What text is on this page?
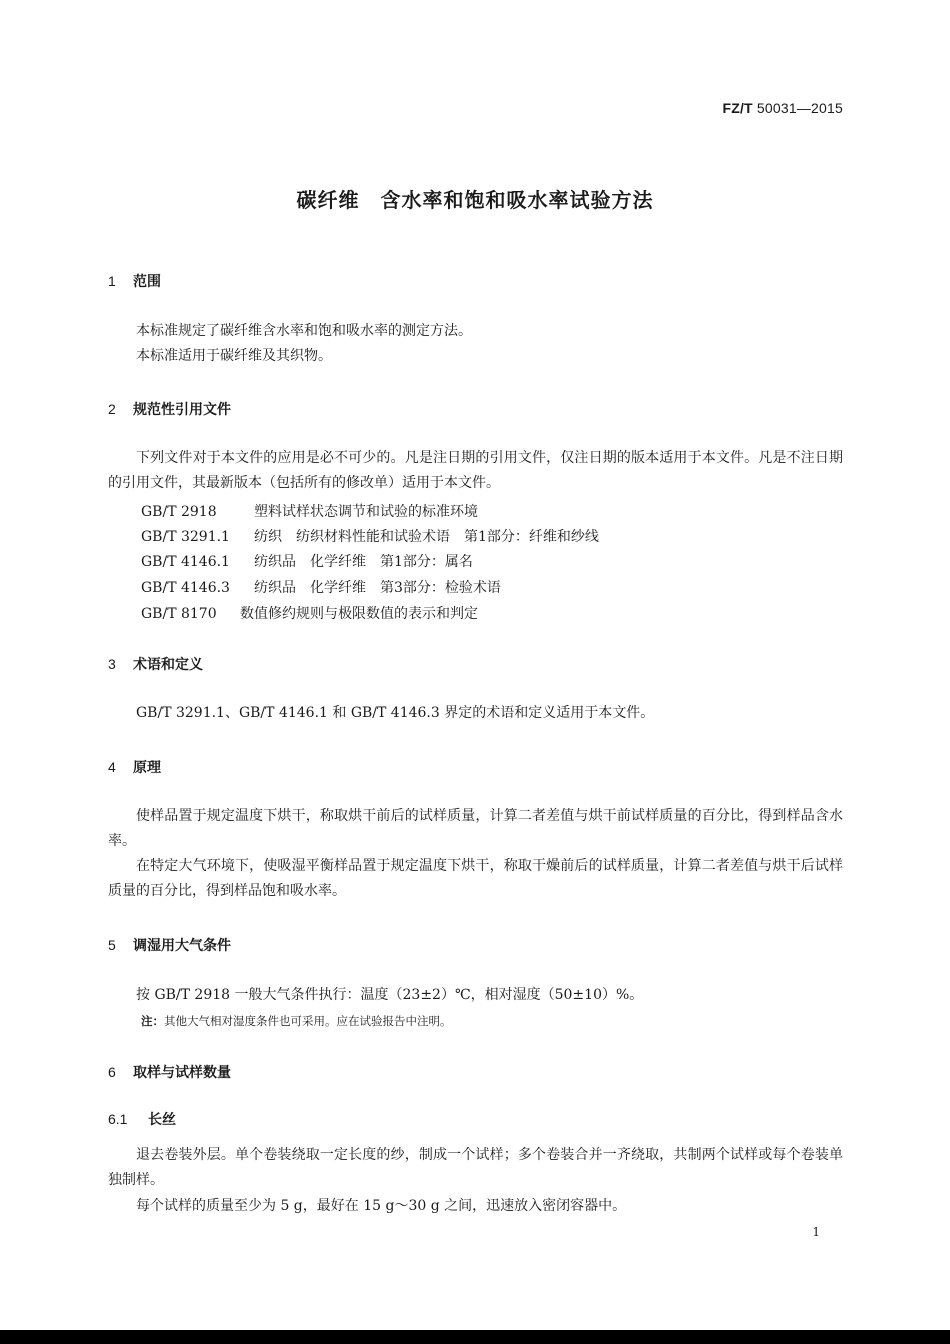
FZ/T 50031—2015
碳纤维　含水率和饱和吸水率试验方法
1 范围
本标准规定了碳纤维含水率和饱和吸水率的测定方法。
本标准适用于碳纤维及其织物。
2 规范性引用文件
下列文件对于本文件的应用是必不可少的。凡是注日期的引用文件，仅注日期的版本适用于本文件。凡是不注日期的引用文件，其最新版本（包括所有的修改单）适用于本文件。
GB/T 2918	塑料试样状态调节和试验的标准环境
GB/T 3291.1 纺织　纺织材料性能和试验术语　第1部分：纤维和纱线
GB/T 4146.1 纺织品　化学纤维　第1部分：属名
GB/T 4146.3 纺织品　化学纤维　第3部分：检验术语
GB/T 8170 数值修约规则与极限数值的表示和判定
3 术语和定义
GB/T 3291.1、GB/T 4146.1 和 GB/T 4146.3 界定的术语和定义适用于本文件。
4 原理
使样品置于规定温度下烘干，称取烘干前后的试样质量，计算二者差值与烘干前试样质量的百分比，得到样品含水率。
在特定大气环境下，使吸湿平衡样品置于规定温度下烘干，称取干燥前后的试样质量，计算二者差值与烘干后试样质量的百分比，得到样品饱和吸水率。
5 调湿用大气条件
按 GB/T 2918 一般大气条件执行：温度（23±2）℃，相对湿度（50±10）%。
注：其他大气相对湿度条件也可采用。应在试验报告中注明。
6 取样与试样数量
6.1 长丝
退去卷装外层。单个卷装绕取一定长度的纱，制成一个试样；多个卷装合并一齐绕取，共制两个试样或每个卷装单独制样。
每个试样的质量至少为 5 g，最好在 15 g～30 g 之间，迅速放入密闭容器中。
1
